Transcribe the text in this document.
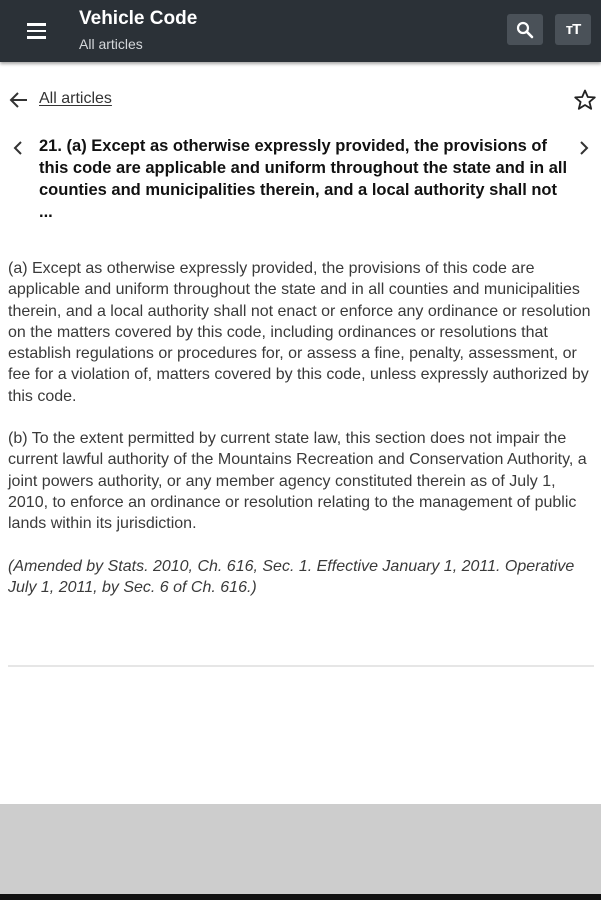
Vehicle Code
All articles
тT
All articles
21. (a) Except as otherwise expressly provided, the provisions of this code are applicable and uniform throughout the state and in all counties and municipalities therein, and a local authority shall not ...

(a) Except as otherwise expressly provided, the provisions of this code are applicable and uniform throughout the state and in all counties and municipalities therein, and a local authority shall not enact or enforce any ordinance or resolution on the matters covered by this code, including ordinances or resolutions that establish regulations or procedures for, or assess a fine, penalty, assessment, or fee for a violation of, matters covered by this code, unless expressly authorized by this code.

(b) To the extent permitted by current state law, this section does not impair the current lawful authority of the Mountains Recreation and Conservation Authority, a joint powers authority, or any member agency constituted therein as of July 1, 2010, to enforce an ordinance or resolution relating to the management of public lands within its jurisdiction.

(Amended by Stats. 2010, Ch. 616, Sec. 1. Effective January 1, 2011. Operative July 1, 2011, by Sec. 6 of Ch. 616.)
